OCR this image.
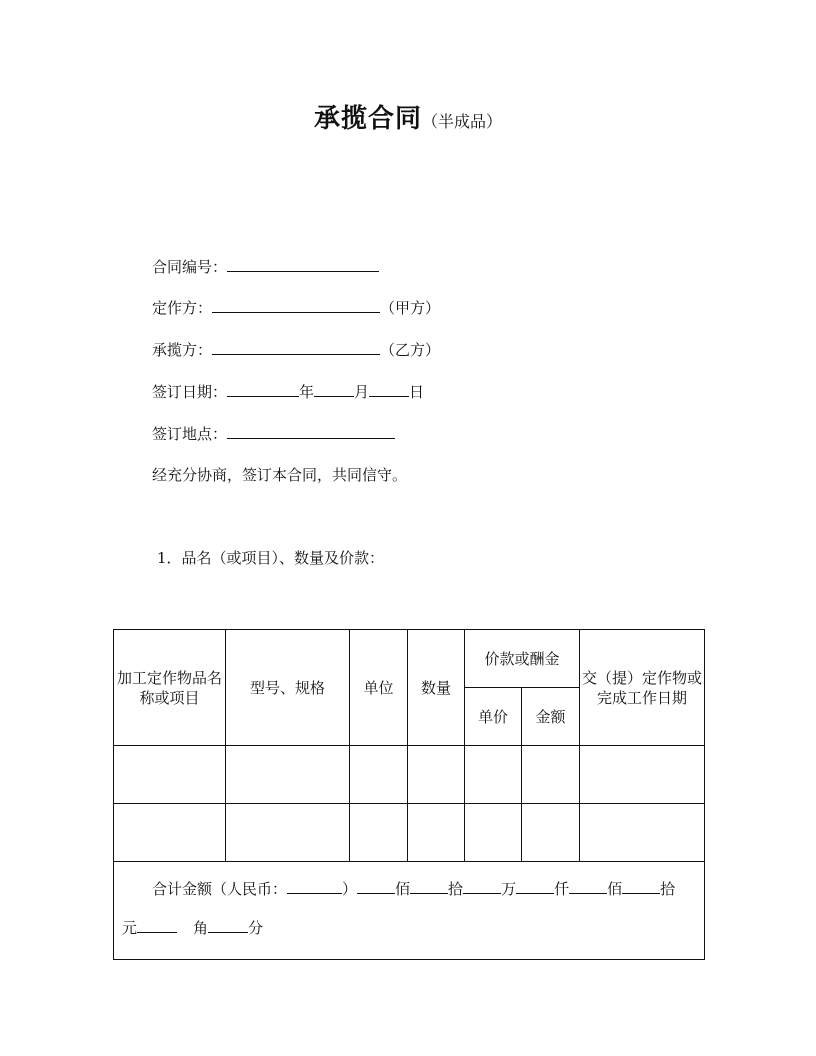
承揽合同（半成品）
合同编号：
定作方：	（甲方）
承揽方：	（乙方）
签订日期：	年	月	日
签订地点：
经充分协商，签订本合同，共同信守。
1．品名（或项目）、数量及价款：
加工定作物品名称或项目	型号、规格	单位	数量	价款或酬金		交（提）定作物或完成工作日期
				单价	金额	

合计金额（人民币： ） 佰 拾 万 仟 佰 拾
元 角 分						
